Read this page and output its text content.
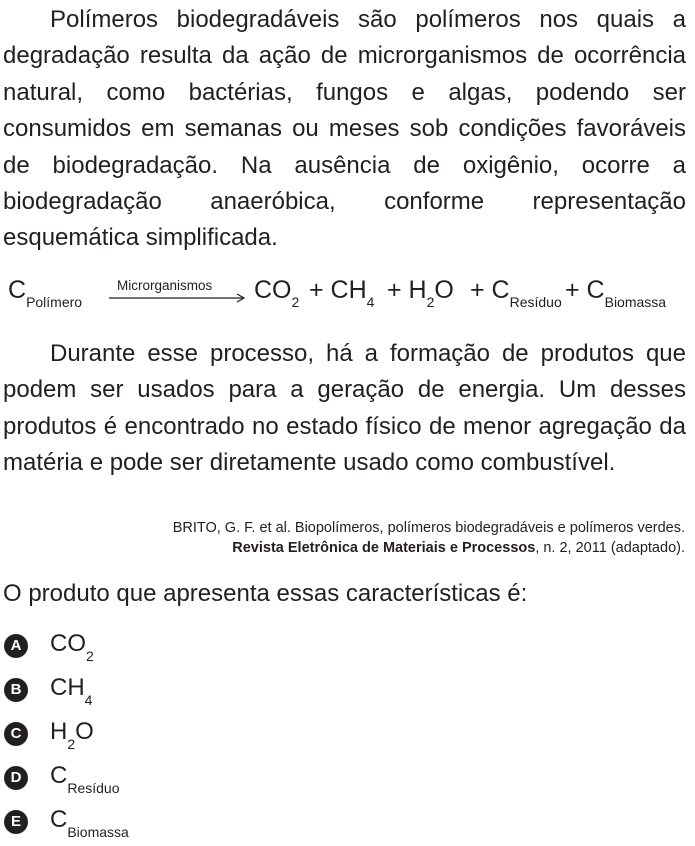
Polímeros biodegradáveis são polímeros nos quais a degradação resulta da ação de microrganismos de ocorrência natural, como bactérias, fungos e algas, podendo ser consumidos em semanas ou meses sob condições favoráveis de biodegradação. Na ausência de oxigênio, ocorre a biodegradação anaeróbica, conforme representação esquemática simplificada.

$C_{Polímero}$
Microrganismos $CO_2 + CH_4 + H_2O + C_{Resíduo} + C_{Biomassa}$

Durante esse processo, há a formação de produtos que podem ser usados para a geração de energia. Um desses produtos é encontrado no estado físico de menor agregação da matéria e pode ser diretamente usado como combustível.

BRITO, G. F. et al. Biopolímeros, polímeros biodegradáveis e polímeros verdes.
Revista Eletrônica de Materiais e Processos, n. 2, 2011 (adaptado).
O produto que apresenta essas características é:
A $CO_2$
B $CH_4$
C $H_2O$
D $C_{Resíduo}$
E $C_{Biomassa}$
